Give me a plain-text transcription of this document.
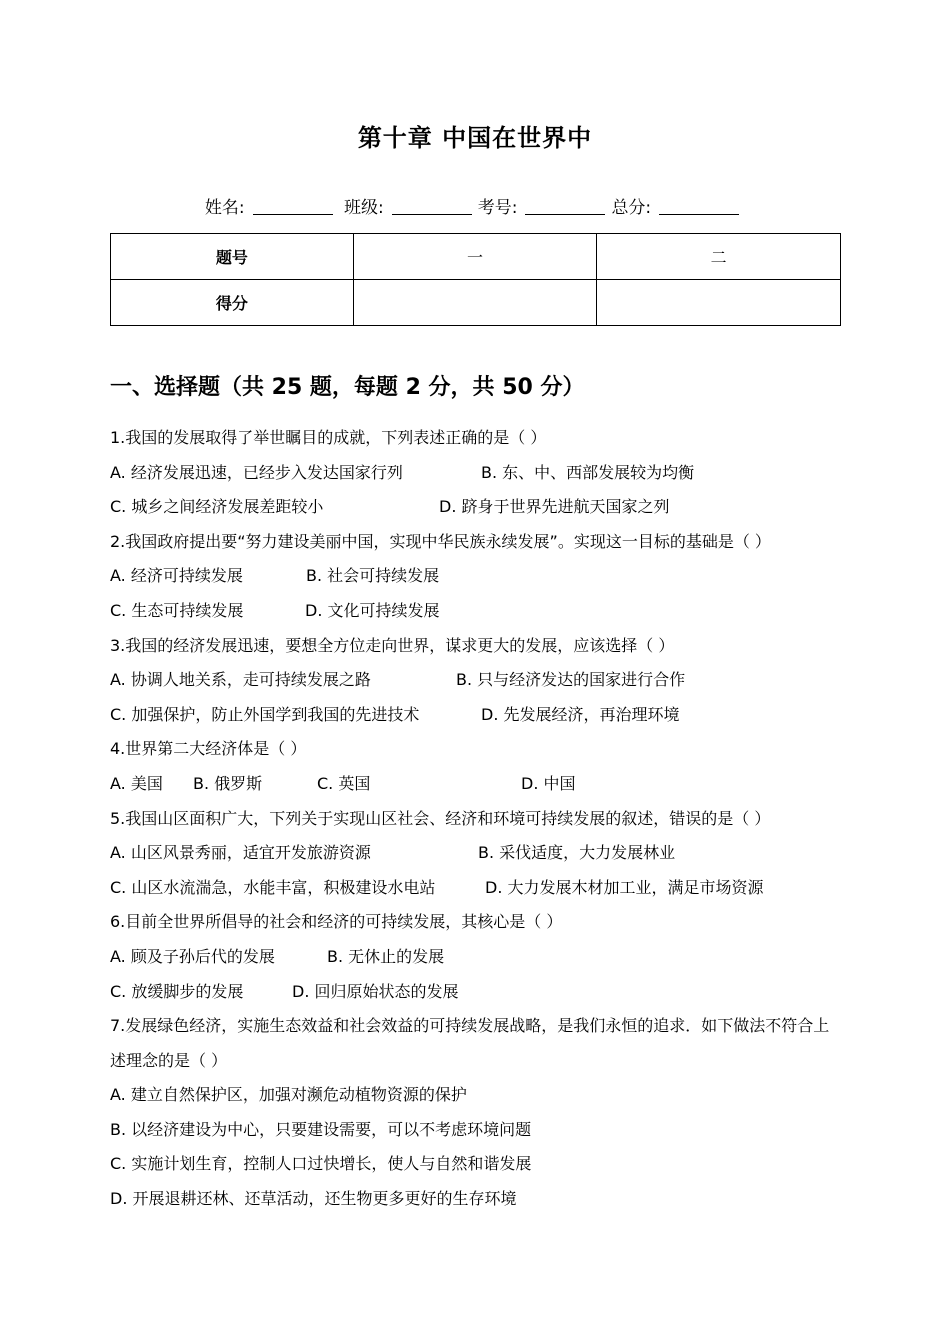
第十章 中国在世界中
姓名:	班级:	考号:	总分:
题号	一	二
得分		
一、选择题（共 25 题，每题 2 分，共 50 分）
1.我国的发展取得了举世瞩目的成就，下列表述正确的是（ ）
A. 经济发展迅速，已经步入发达国家行列	B. 东、中、西部发展较为均衡
C. 城乡之间经济发展差距较小	D. 跻身于世界先进航天国家之列
2.我国政府提出要“努力建设美丽中国，实现中华民族永续发展”。实现这一目标的基础是（ ）
A. 经济可持续发展	B. 社会可持续发展
C. 生态可持续发展	D. 文化可持续发展
3.我国的经济发展迅速，要想全方位走向世界，谋求更大的发展，应该选择（ ）
A. 协调人地关系，走可持续发展之路	B. 只与经济发达的国家进行合作
C. 加强保护，防止外国学到我国的先进技术	D. 先发展经济，再治理环境
4.世界第二大经济体是（ ）
A. 美国 B. 俄罗斯	C. 英国	D. 中国
5.我国山区面积广大，下列关于实现山区社会、经济和环境可持续发展的叙述，错误的是（ ）
A. 山区风景秀丽，适宜开发旅游资源	B. 采伐适度，大力发展林业
C. 山区水流湍急，水能丰富，积极建设水电站	D. 大力发展木材加工业，满足市场资源
6.目前全世界所倡导的社会和经济的可持续发展，其核心是（ ）
A. 顾及子孙后代的发展	B. 无休止的发展
C. 放缓脚步的发展	D. 回归原始状态的发展
7.发展绿色经济，实施生态效益和社会效益的可持续发展战略，是我们永恒的追求．如下做法不符合上述理念的是（ ）
A. 建立自然保护区，加强对濒危动植物资源的保护
B. 以经济建设为中心，只要建设需要，可以不考虑环境问题
C. 实施计划生育，控制人口过快增长，使人与自然和谐发展
D. 开展退耕还林、还草活动，还生物更多更好的生存环境
